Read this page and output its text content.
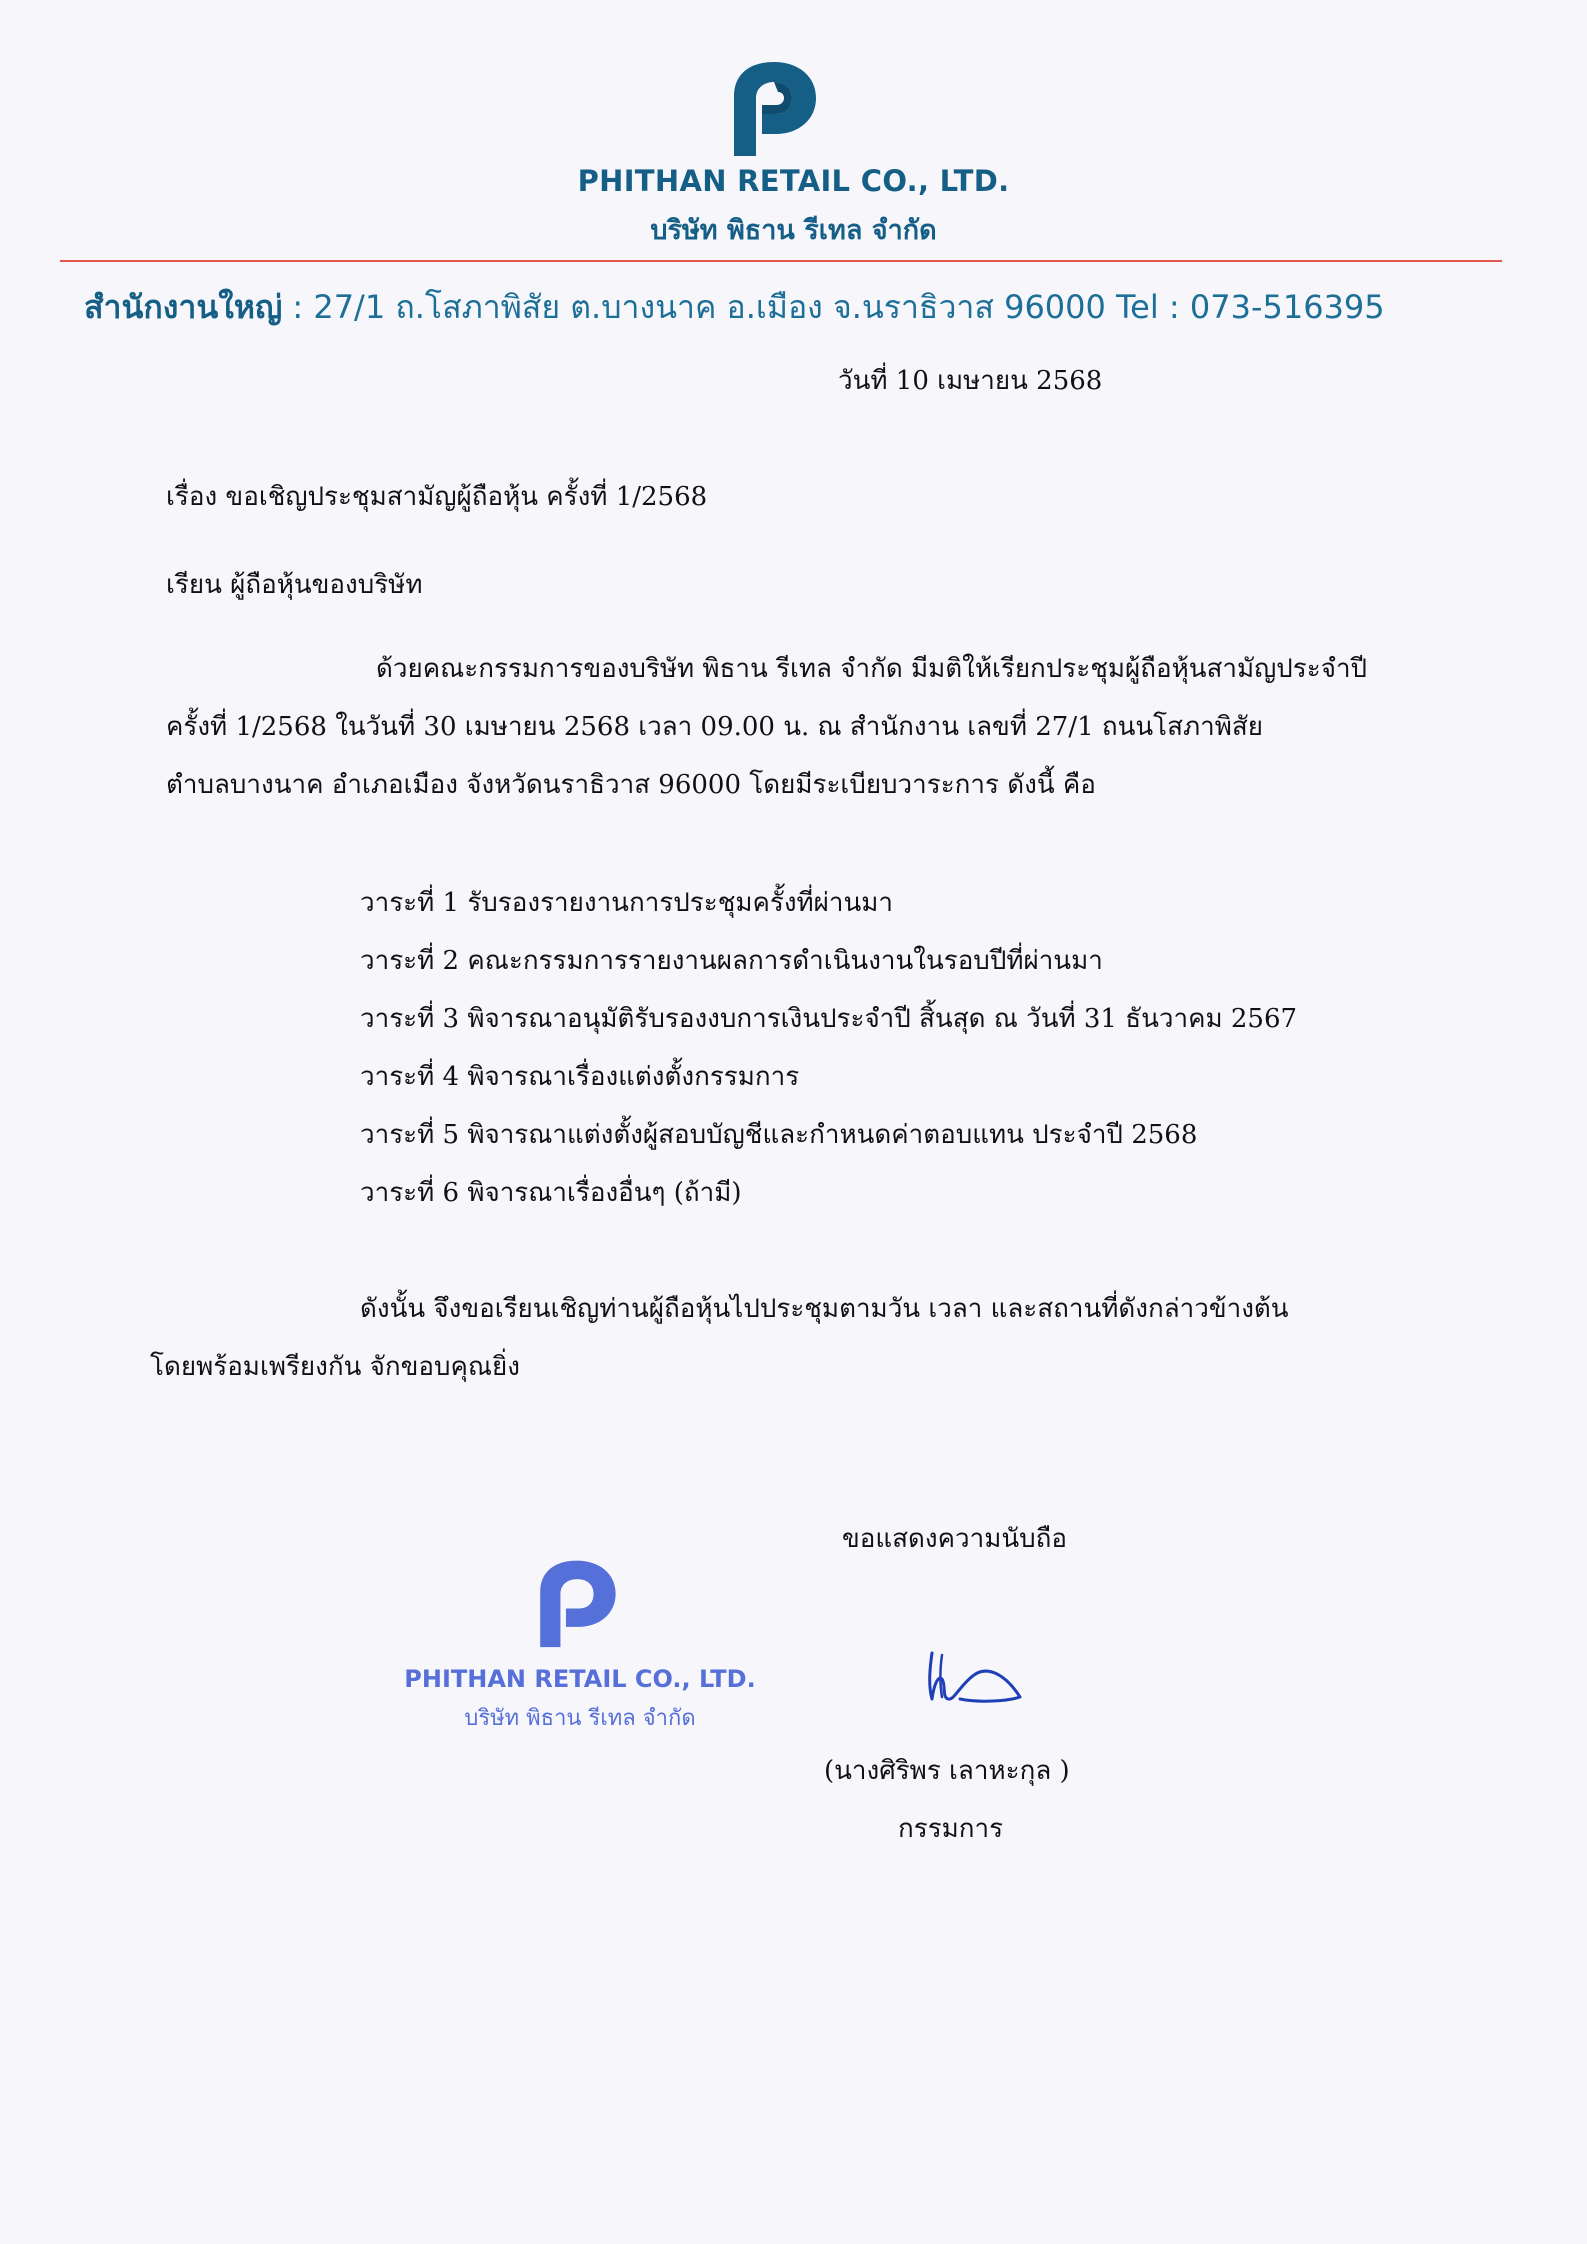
PHITHAN RETAIL CO., LTD.
บริษัท พิธาน รีเทล จำกัด
สำนักงานใหญ่ : 27/1 ถ.โสภาพิสัย ต.บางนาค อ.เมือง จ.นราธิวาส 96000 Tel : 073-516395
วันที่ 10 เมษายน 2568
เรื่อง ขอเชิญประชุมสามัญผู้ถือหุ้น ครั้งที่ 1/2568
เรียน ผู้ถือหุ้นของบริษัท
ด้วยคณะกรรมการของบริษัท พิธาน รีเทล จำกัด มีมติให้เรียกประชุมผู้ถือหุ้นสามัญประจำปี
ครั้งที่ 1/2568 ในวันที่ 30 เมษายน 2568 เวลา 09.00 น. ณ สำนักงาน เลขที่ 27/1 ถนนโสภาพิสัย
ตำบลบางนาค อำเภอเมือง จังหวัดนราธิวาส 96000 โดยมีระเบียบวาระการ ดังนี้ คือ
วาระที่ 1 รับรองรายงานการประชุมครั้งที่ผ่านมา
วาระที่ 2 คณะกรรมการรายงานผลการดำเนินงานในรอบปีที่ผ่านมา
วาระที่ 3 พิจารณาอนุมัติรับรองงบการเงินประจำปี สิ้นสุด ณ วันที่ 31 ธันวาคม 2567
วาระที่ 4 พิจารณาเรื่องแต่งตั้งกรรมการ
วาระที่ 5 พิจารณาแต่งตั้งผู้สอบบัญชีและกำหนดค่าตอบแทน ประจำปี 2568
วาระที่ 6 พิจารณาเรื่องอื่นๆ (ถ้ามี)
ดังนั้น จึงขอเรียนเชิญท่านผู้ถือหุ้นไปประชุมตามวัน เวลา และสถานที่ดังกล่าวข้างต้น
โดยพร้อมเพรียงกัน จักขอบคุณยิ่ง
ขอแสดงความนับถือ
PHITHAN RETAIL CO., LTD.
บริษัท พิธาน รีเทล จำกัด
(นางศิริพร เลาหะกุล )
กรรมการ
